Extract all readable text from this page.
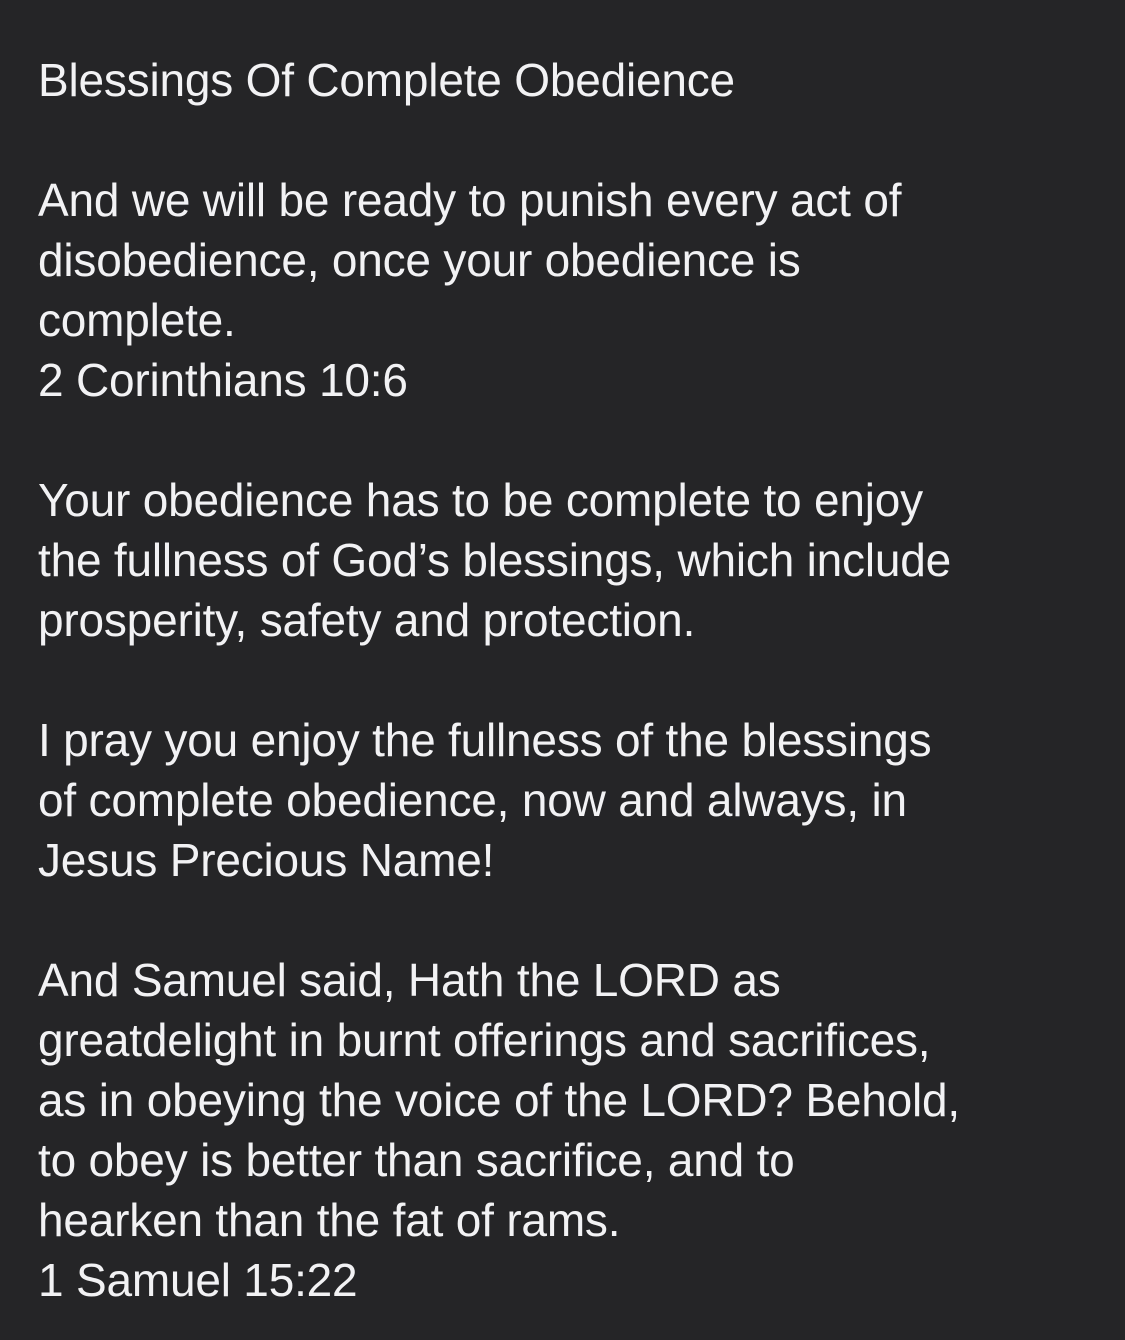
Blessings Of Complete Obedience

And we will be ready to punish every act of
disobedience, once your obedience is
complete.
2 Corinthians 10:6

Your obedience has to be complete to enjoy
the fullness of God’s blessings, which include
prosperity, safety and protection.

I pray you enjoy the fullness of the blessings
of complete obedience, now and always, in
Jesus Precious Name!

And Samuel said, Hath the LORD as
greatdelight in burnt offerings and sacrifices,
as in obeying the voice of the LORD? Behold,
to obey is better than sacrifice, and to
hearken than the fat of rams.
1 Samuel 15:22
